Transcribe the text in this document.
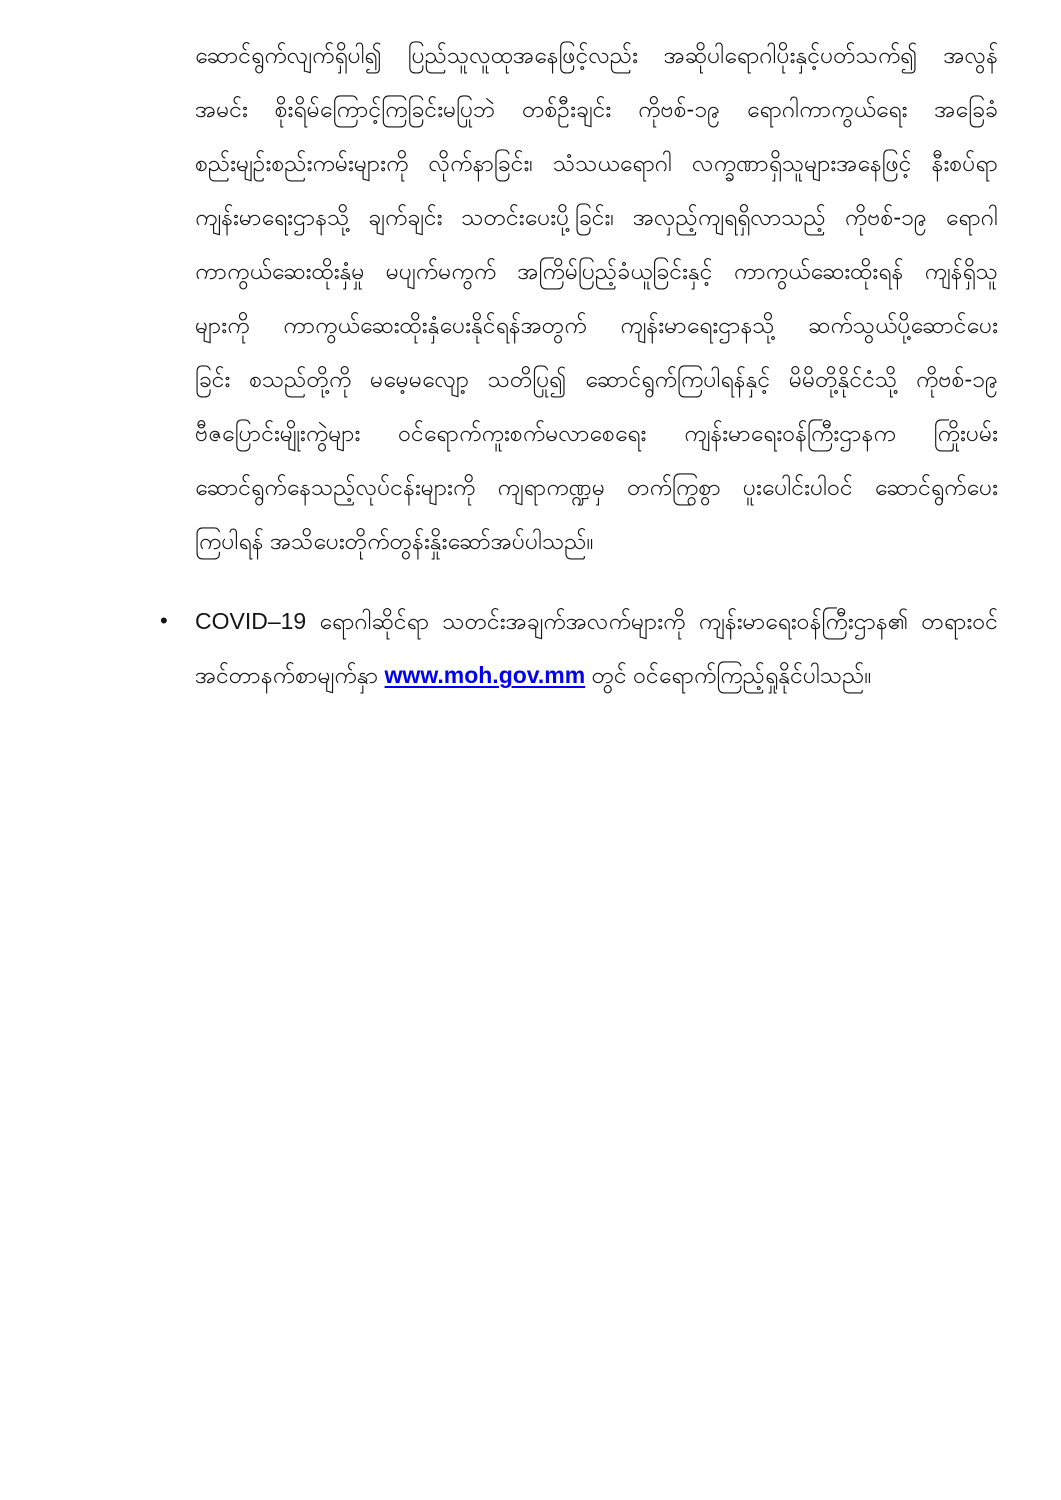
ဆောင်ရွက်လျက်ရှိပါ၍ ပြည်သူလူထုအနေဖြင့်လည်း အဆိုပါရောဂါပိုးနှင့်ပတ်သက်၍ အလွန်
အမင်း စိုးရိမ်ကြောင့်ကြခြင်းမပြုဘဲ တစ်ဦးချင်း ကိုဗစ်-၁၉ ရောဂါကာကွယ်ရေး အခြေခံ
စည်းမျဉ်းစည်းကမ်းများကို လိုက်နာခြင်း၊ သံသယရောဂါ လက္ခဏာရှိသူများအနေဖြင့် နီးစပ်ရာ
ကျန်းမာရေးဌာနသို့ ချက်ချင်း သတင်းပေးပို့ခြင်း၊ အလှည့်ကျရရှိလာသည့် ကိုဗစ်-၁၉ ရောဂါ
ကာကွယ်ဆေးထိုးနှံမှု မပျက်မကွက် အကြိမ်ပြည့်ခံယူခြင်းနှင့် ကာကွယ်ဆေးထိုးရန် ကျန်ရှိသူ
များကို ကာကွယ်ဆေးထိုးနှံပေးနိုင်ရန်အတွက် ကျန်းမာရေးဌာနသို့ ဆက်သွယ်ပို့ဆောင်ပေး
ခြင်း စသည်တို့ကို မမေ့မလျော့ သတိပြု၍ ဆောင်ရွက်ကြပါရန်နှင့် မိမိတို့နိုင်ငံသို့ ကိုဗစ်-၁၉
ဗီဇပြောင်းမျိုးကွဲများ ဝင်ရောက်ကူးစက်မလာစေရေး ကျန်းမာရေးဝန်ကြီးဌာနက ကြိုးပမ်း
ဆောင်ရွက်နေသည့်လုပ်ငန်းများကို ကျရာကဏ္ဍမှ တက်ကြွစွာ ပူးပေါင်းပါဝင် ဆောင်ရွက်ပေး
ကြပါရန် အသိပေးတိုက်တွန်းနှိုးဆော်အပ်ပါသည်။
• COVID–19 ရောဂါဆိုင်ရာ သတင်းအချက်အလက်များကို ကျန်းမာရေးဝန်ကြီးဌာန၏ တရားဝင်
အင်တာနက်စာမျက်နှာ www.moh.gov.mm တွင် ဝင်ရောက်ကြည့်ရှုနိုင်ပါသည်။
